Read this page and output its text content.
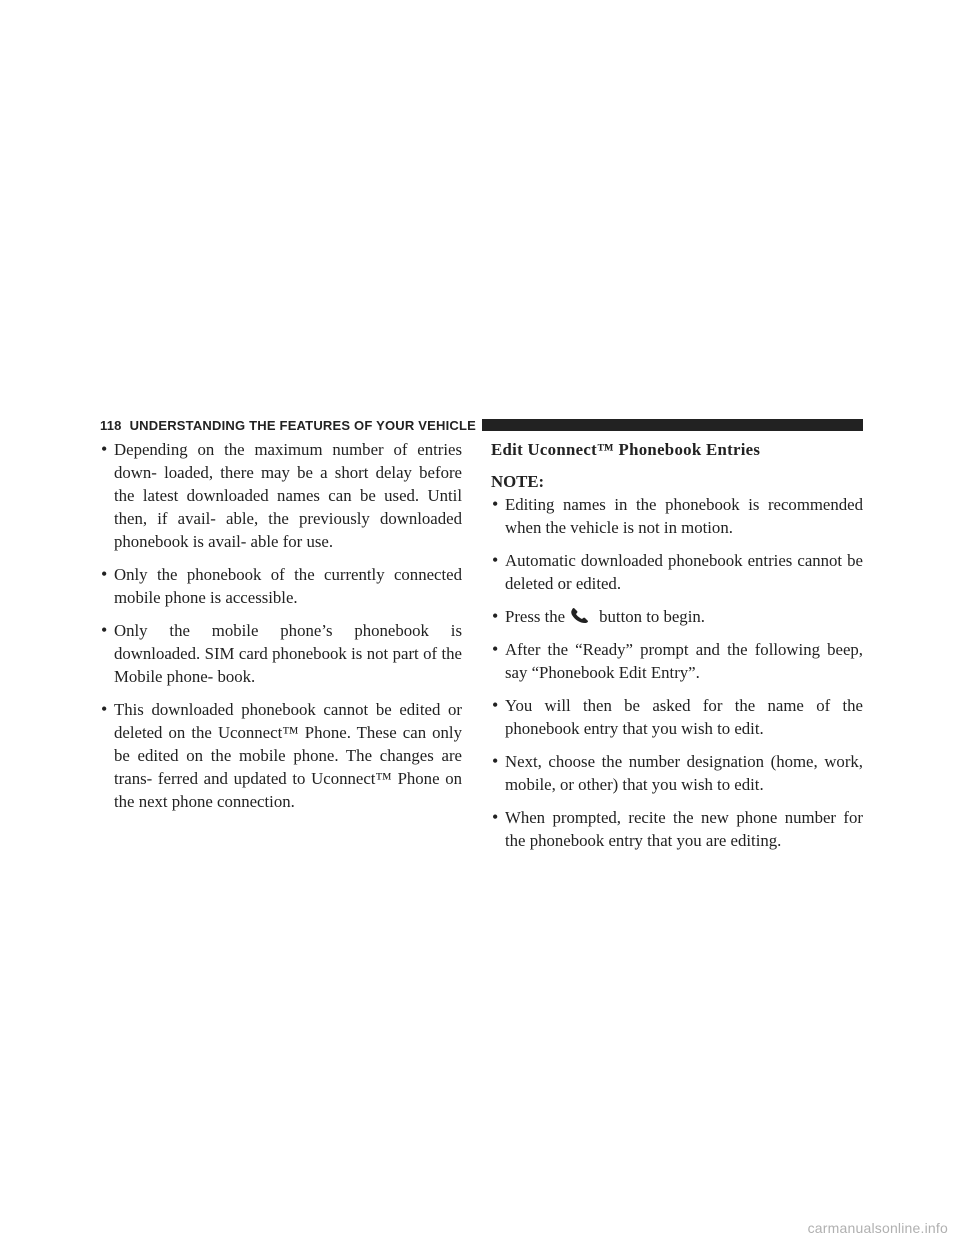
118 UNDERSTANDING THE FEATURES OF YOUR VEHICLE
• Depending on the maximum number of entries down- loaded, there may be a short delay before the latest downloaded names can be used. Until then, if avail- able, the previously downloaded phonebook is avail- able for use.
• Only the phonebook of the currently connected mobile phone is accessible.
• Only the mobile phone’s phonebook is downloaded. SIM card phonebook is not part of the Mobile phone- book.
• This downloaded phonebook cannot be edited or deleted on the Uconnect™ Phone. These can only be edited on the mobile phone. The changes are trans- ferred and updated to Uconnect™ Phone on the next phone connection.

Edit Uconnect™ Phonebook Entries

NOTE:

• Editing names in the phonebook is recommended when the vehicle is not in motion.
• Automatic downloaded phonebook entries cannot be deleted or edited.
• Press the button to begin.
• After the “Ready” prompt and the following beep, say “Phonebook Edit Entry”.
• You will then be asked for the name of the phonebook entry that you wish to edit.
• Next, choose the number designation (home, work, mobile, or other) that you wish to edit.
• When prompted, recite the new phone number for the phonebook entry that you are editing.
carmanualsonline.info
